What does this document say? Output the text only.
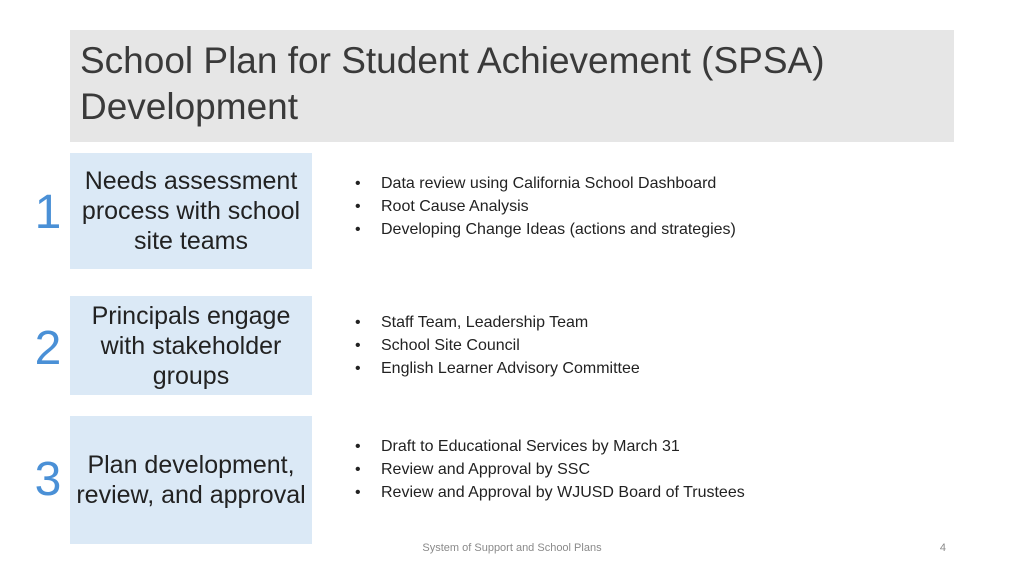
School Plan for Student Achievement (SPSA) Development
1
Needs assessment process with school site teams
• Data review using California School Dashboard
• Root Cause Analysis
• Developing Change Ideas (actions and strategies)
2
Principals engage with stakeholder groups
• Staff Team, Leadership Team
• School Site Council
• English Learner Advisory Committee
3	Plan development, review, and approval
• Draft to Educational Services by March 31
• Review and Approval by SSC
• Review and Approval by WJUSD Board of Trustees
System of Support and School Plans	4
